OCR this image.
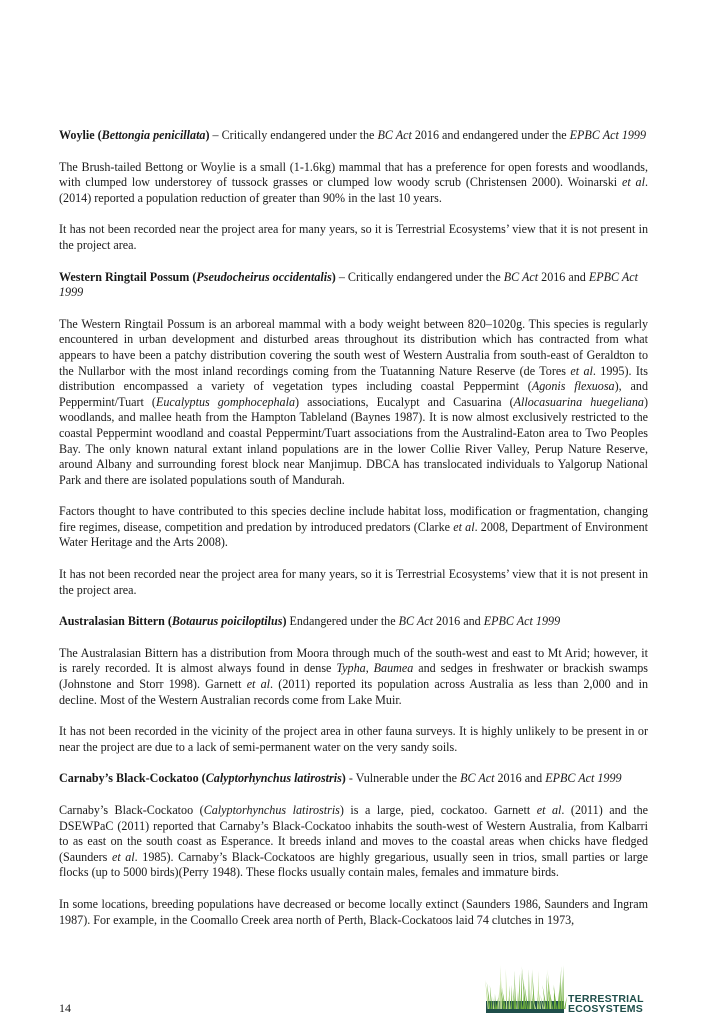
Woylie (Bettongia penicillata) – Critically endangered under the BC Act 2016 and endangered under the EPBC Act 1999

The Brush-tailed Bettong or Woylie is a small (1-1.6kg) mammal that has a preference for open forests and woodlands, with clumped low understorey of tussock grasses or clumped low woody scrub (Christensen 2000). Woinarski et al. (2014) reported a population reduction of greater than 90% in the last 10 years.

It has not been recorded near the project area for many years, so it is Terrestrial Ecosystems’ view that it is not present in the project area.

Western Ringtail Possum (Pseudocheirus occidentalis) – Critically endangered under the BC Act 2016 and EPBC Act 1999

The Western Ringtail Possum is an arboreal mammal with a body weight between 820–1020g. This species is regularly encountered in urban development and disturbed areas throughout its distribution which has contracted from what appears to have been a patchy distribution covering the south west of Western Australia from south-east of Geraldton to the Nullarbor with the most inland recordings coming from the Tuatanning Nature Reserve (de Tores et al. 1995). Its distribution encompassed a variety of vegetation types including coastal Peppermint (Agonis flexuosa), and Peppermint/Tuart (Eucalyptus gomphocephala) associations, Eucalypt and Casuarina (Allocasuarina huegeliana) woodlands, and mallee heath from the Hampton Tableland (Baynes 1987). It is now almost exclusively restricted to the coastal Peppermint woodland and coastal Peppermint/Tuart associations from the Australind-Eaton area to Two Peoples Bay. The only known natural extant inland populations are in the lower Collie River Valley, Perup Nature Reserve, around Albany and surrounding forest block near Manjimup. DBCA has translocated individuals to Yalgorup National Park and there are isolated populations south of Mandurah.

Factors thought to have contributed to this species decline include habitat loss, modification or fragmentation, changing fire regimes, disease, competition and predation by introduced predators (Clarke et al. 2008, Department of Environment Water Heritage and the Arts 2008).

It has not been recorded near the project area for many years, so it is Terrestrial Ecosystems’ view that it is not present in the project area.

Australasian Bittern (Botaurus poiciloptilus) Endangered under the BC Act 2016 and EPBC Act 1999

The Australasian Bittern has a distribution from Moora through much of the south-west and east to Mt Arid; however, it is rarely recorded. It is almost always found in dense Typha, Baumea and sedges in freshwater or brackish swamps (Johnstone and Storr 1998). Garnett et al. (2011) reported its population across Australia as less than 2,000 and in decline. Most of the Western Australian records come from Lake Muir.

It has not been recorded in the vicinity of the project area in other fauna surveys. It is highly unlikely to be present in or near the project are due to a lack of semi-permanent water on the very sandy soils.

Carnaby’s Black-Cockatoo (Calyptorhynchus latirostris) - Vulnerable under the BC Act 2016 and EPBC Act 1999

Carnaby’s Black-Cockatoo (Calyptorhynchus latirostris) is a large, pied, cockatoo. Garnett et al. (2011) and the DSEWPaC (2011) reported that Carnaby’s Black-Cockatoo inhabits the south-west of Western Australia, from Kalbarri to as east on the south coast as Esperance. It breeds inland and moves to the coastal areas when chicks have fledged (Saunders et al. 1985). Carnaby’s Black-Cockatoos are highly gregarious, usually seen in trios, small parties or large flocks (up to 5000 birds)(Perry 1948). These flocks usually contain males, females and immature birds.

In some locations, breeding populations have decreased or become locally extinct (Saunders 1986, Saunders and Ingram 1987). For example, in the Coomallo Creek area north of Perth, Black-Cockatoos laid 74 clutches in 1973,

14
TERRESTRIAL
ECOSYSTEMS
